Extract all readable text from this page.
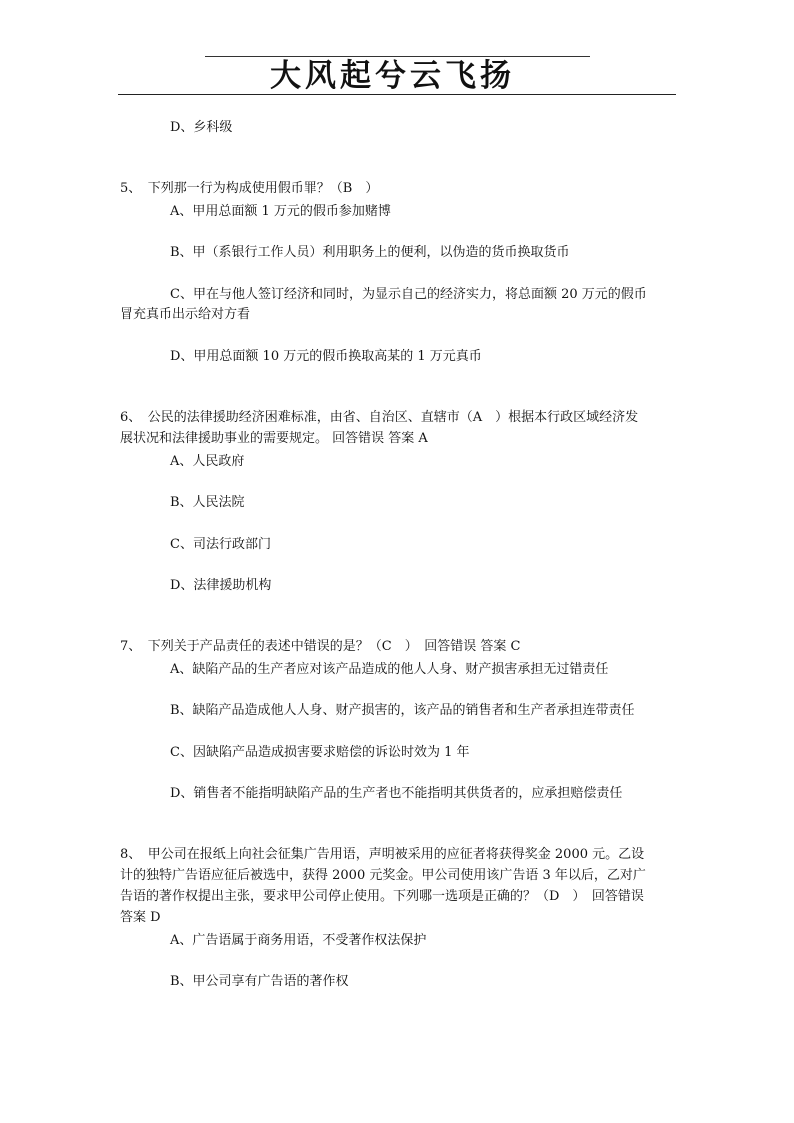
大风起兮云飞扬
D、乡科级
5、　下列那一行为构成使用假币罪？（B　）
A、甲用总面额 1 万元的假币参加赌博
B、甲（系银行工作人员）利用职务上的便利，以伪造的货币换取货币
C、甲在与他人签订经济和同时，为显示自己的经济实力，将总面额 20 万元的假币
冒充真币出示给对方看
D、甲用总面额 10 万元的假币换取高某的 1 万元真币
6、　公民的法律援助经济困难标准，由省、自治区、直辖市（A　）根据本行政区域经济发
展状况和法律援助事业的需要规定。 回答错误 答案 A
A、人民政府
B、人民法院
C、司法行政部门
D、法律援助机构
7、　下列关于产品责任的表述中错误的是？（C　）　回答错误 答案 C
A、缺陷产品的生产者应对该产品造成的他人人身、财产损害承担无过错责任
B、缺陷产品造成他人人身、财产损害的，该产品的销售者和生产者承担连带责任
C、因缺陷产品造成损害要求赔偿的诉讼时效为 1 年
D、销售者不能指明缺陷产品的生产者也不能指明其供货者的，应承担赔偿责任
8、　甲公司在报纸上向社会征集广告用语，声明被采用的应征者将获得奖金 2000 元。乙设
计的独特广告语应征后被选中，获得 2000 元奖金。甲公司使用该广告语 3 年以后，乙对广
告语的著作权提出主张，要求甲公司停止使用。下列哪一选项是正确的？（D　）　回答错误
答案 D
A、广告语属于商务用语，不受著作权法保护
B、甲公司享有广告语的著作权
